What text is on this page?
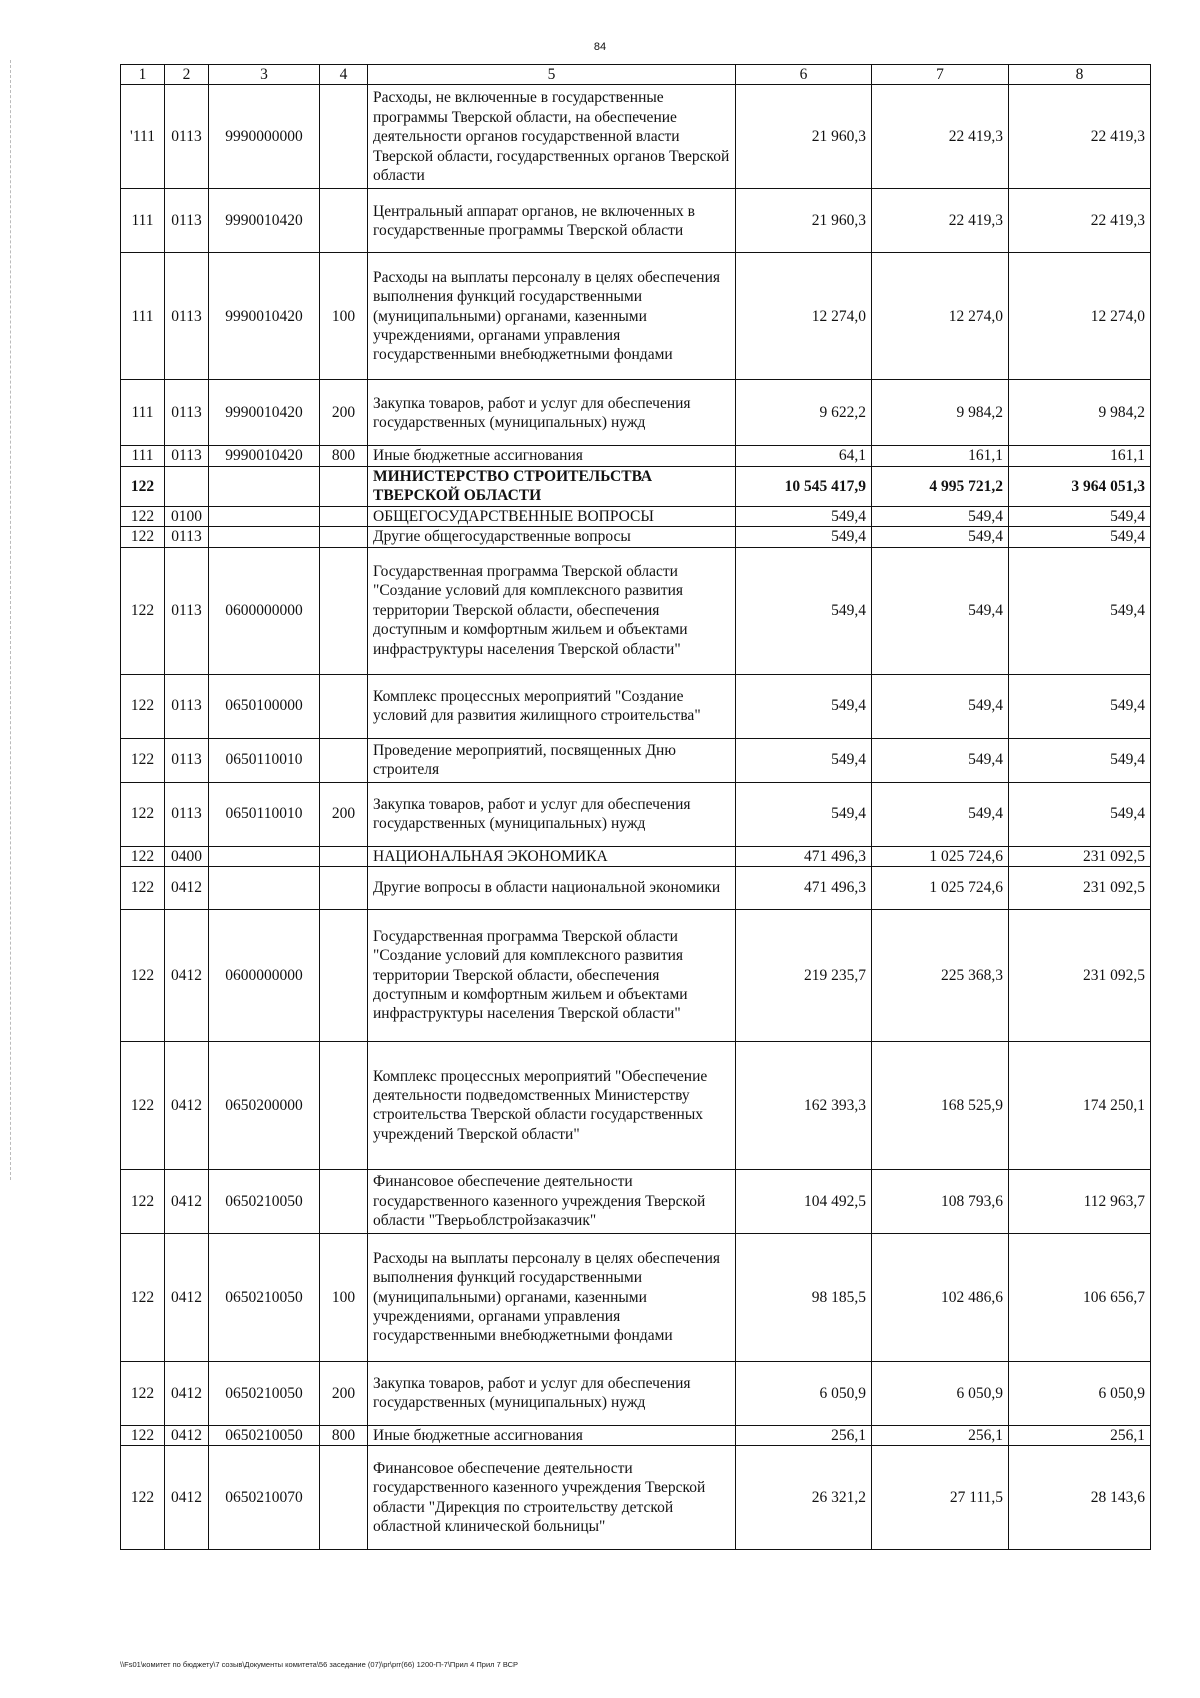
84
1	2	3	4	5	6	7	8
'111	0113	9990000000		Расходы, не включенные в государственные программы Тверской области, на обеспечение деятельности органов государственной власти Тверской области, государственных органов Тверской области	21 960,3	22 419,3	22 419,3
111	0113	9990010420		Центральный аппарат органов, не включенных в государственные программы Тверской области	21 960,3	22 419,3	22 419,3
111	0113	9990010420	100	Расходы на выплаты персоналу в целях обеспечения выполнения функций государственными (муниципальными) органами, казенными учреждениями, органами управления государственными внебюджетными фондами	12 274,0	12 274,0	12 274,0
111	0113	9990010420	200	Закупка товаров, работ и услуг для обеспечения государственных (муниципальных) нужд	9 622,2	9 984,2	9 984,2
111	0113	9990010420	800	Иные бюджетные ассигнования	64,1	161,1	161,1
122				МИНИСТЕРСТВО СТРОИТЕЛЬСТВА ТВЕРСКОЙ ОБЛАСТИ	10 545 417,9	4 995 721,2	3 964 051,3
122	0100			ОБЩЕГОСУДАРСТВЕННЫЕ ВОПРОСЫ	549,4	549,4	549,4
122	0113			Другие общегосударственные вопросы	549,4	549,4	549,4
122	0113	0600000000		Государственная программа Тверской области "Создание условий для комплексного развития территории Тверской области, обеспечения доступным и комфортным жильем и объектами инфраструктуры населения Тверской области"	549,4	549,4	549,4
122	0113	0650100000		Комплекс процессных мероприятий "Создание условий для развития жилищного строительства"	549,4	549,4	549,4
122	0113	0650110010		Проведение мероприятий, посвященных Дню строителя	549,4	549,4	549,4
122	0113	0650110010	200	Закупка товаров, работ и услуг для обеспечения государственных (муниципальных) нужд	549,4	549,4	549,4
122	0400			НАЦИОНАЛЬНАЯ ЭКОНОМИКА	471 496,3	1 025 724,6	231 092,5
122	0412			Другие вопросы в области национальной экономики	471 496,3	1 025 724,6	231 092,5
122	0412	0600000000		Государственная программа Тверской области "Создание условий для комплексного развития территории Тверской области, обеспечения доступным и комфортным жильем и объектами инфраструктуры населения Тверской области"	219 235,7	225 368,3	231 092,5
122	0412	0650200000		Комплекс процессных мероприятий "Обеспечение деятельности подведомственных Министерству строительства Тверской области государственных учреждений Тверской области"	162 393,3	168 525,9	174 250,1
122	0412	0650210050		Финансовое обеспечение деятельности государственного казенного учреждения Тверской области "Тверьоблстройзаказчик"	104 492,5	108 793,6	112 963,7
122	0412	0650210050	100	Расходы на выплаты персоналу в целях обеспечения выполнения функций государственными (муниципальными) органами, казенными учреждениями, органами управления государственными внебюджетными фондами	98 185,5	102 486,6	106 656,7
122	0412	0650210050	200	Закупка товаров, работ и услуг для обеспечения государственных (муниципальных) нужд	6 050,9	6 050,9	6 050,9
122	0412	0650210050	800	Иные бюджетные ассигнования	256,1	256,1	256,1
122	0412	0650210070		Финансовое обеспечение деятельности государственного казенного учреждения Тверской области "Дирекция по строительству детской областной клинической больницы"	26 321,2	27 111,5	28 143,6
\\Fs01\комитет по бюджету\7 созыв\Документы комитета\56 заседание (07)\pr\prr(66) 1200-П-7\Прил 4 Прил 7 ВСР
